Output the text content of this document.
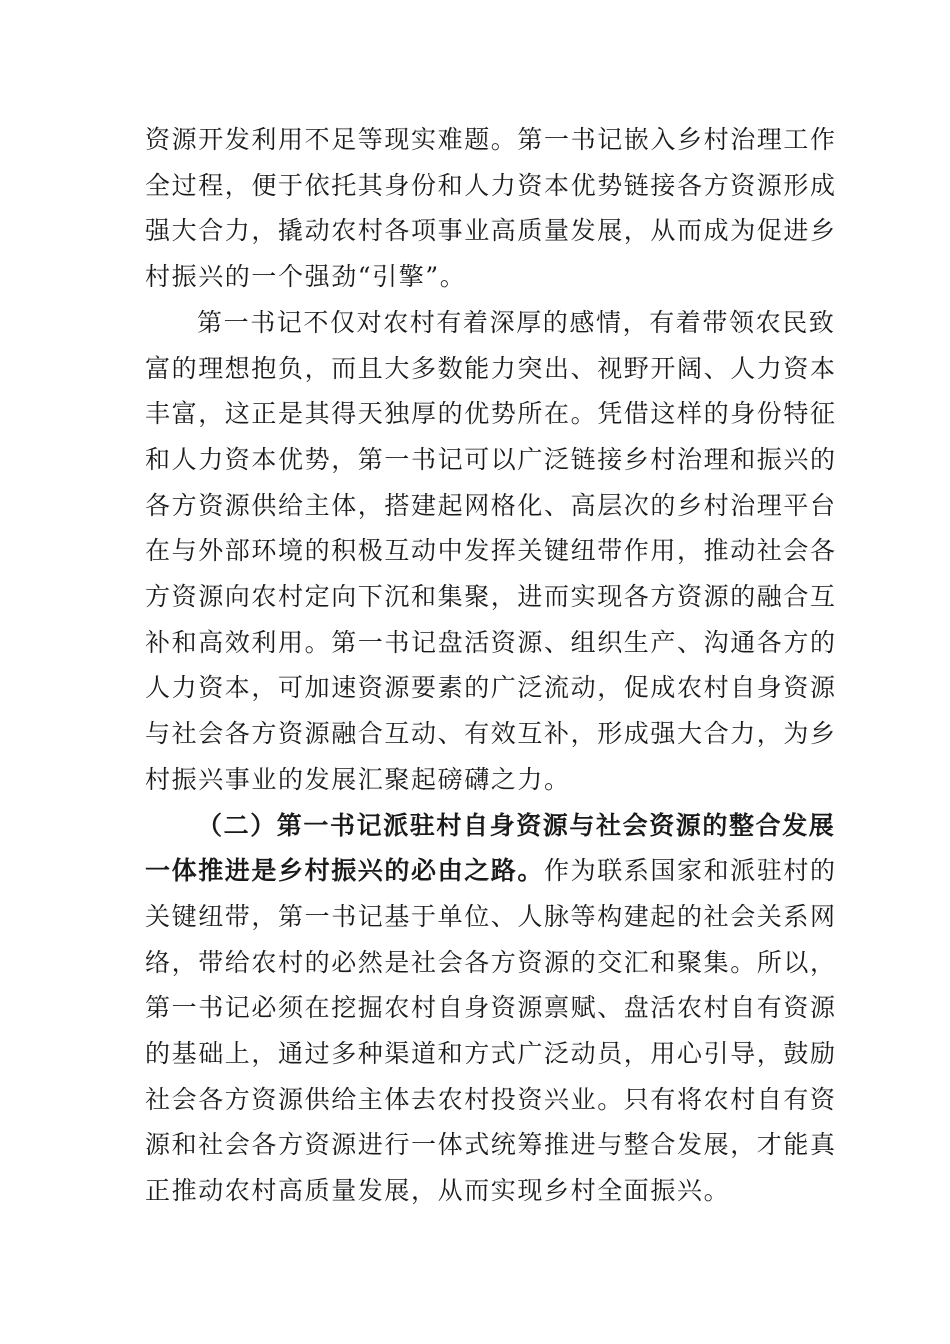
资源开发利用不足等现实难题。第一书记嵌入乡村治理工作
全过程，便于依托其身份和人力资本优势链接各方资源形成
强大合力，撬动农村各项事业高质量发展，从而成为促进乡
村振兴的一个强劲“引擎”。
第一书记不仅对农村有着深厚的感情，有着带领农民致
富的理想抱负，而且大多数能力突出、视野开阔、人力资本
丰富，这正是其得天独厚的优势所在。凭借这样的身份特征
和人力资本优势，第一书记可以广泛链接乡村治理和振兴的
各方资源供给主体，搭建起网格化、高层次的乡村治理平台
在与外部环境的积极互动中发挥关键纽带作用，推动社会各
方资源向农村定向下沉和集聚，进而实现各方资源的融合互
补和高效利用。第一书记盘活资源、组织生产、沟通各方的
人力资本，可加速资源要素的广泛流动，促成农村自身资源
与社会各方资源融合互动、有效互补，形成强大合力，为乡
村振兴事业的发展汇聚起磅礴之力。
（二）第一书记派驻村自身资源与社会资源的整合发展
一体推进是乡村振兴的必由之路。作为联系国家和派驻村的
关键纽带，第一书记基于单位、人脉等构建起的社会关系网
络，带给农村的必然是社会各方资源的交汇和聚集。所以，
第一书记必须在挖掘农村自身资源禀赋、盘活农村自有资源
的基础上，通过多种渠道和方式广泛动员，用心引导，鼓励
社会各方资源供给主体去农村投资兴业。只有将农村自有资
源和社会各方资源进行一体式统筹推进与整合发展，才能真
正推动农村高质量发展，从而实现乡村全面振兴。
